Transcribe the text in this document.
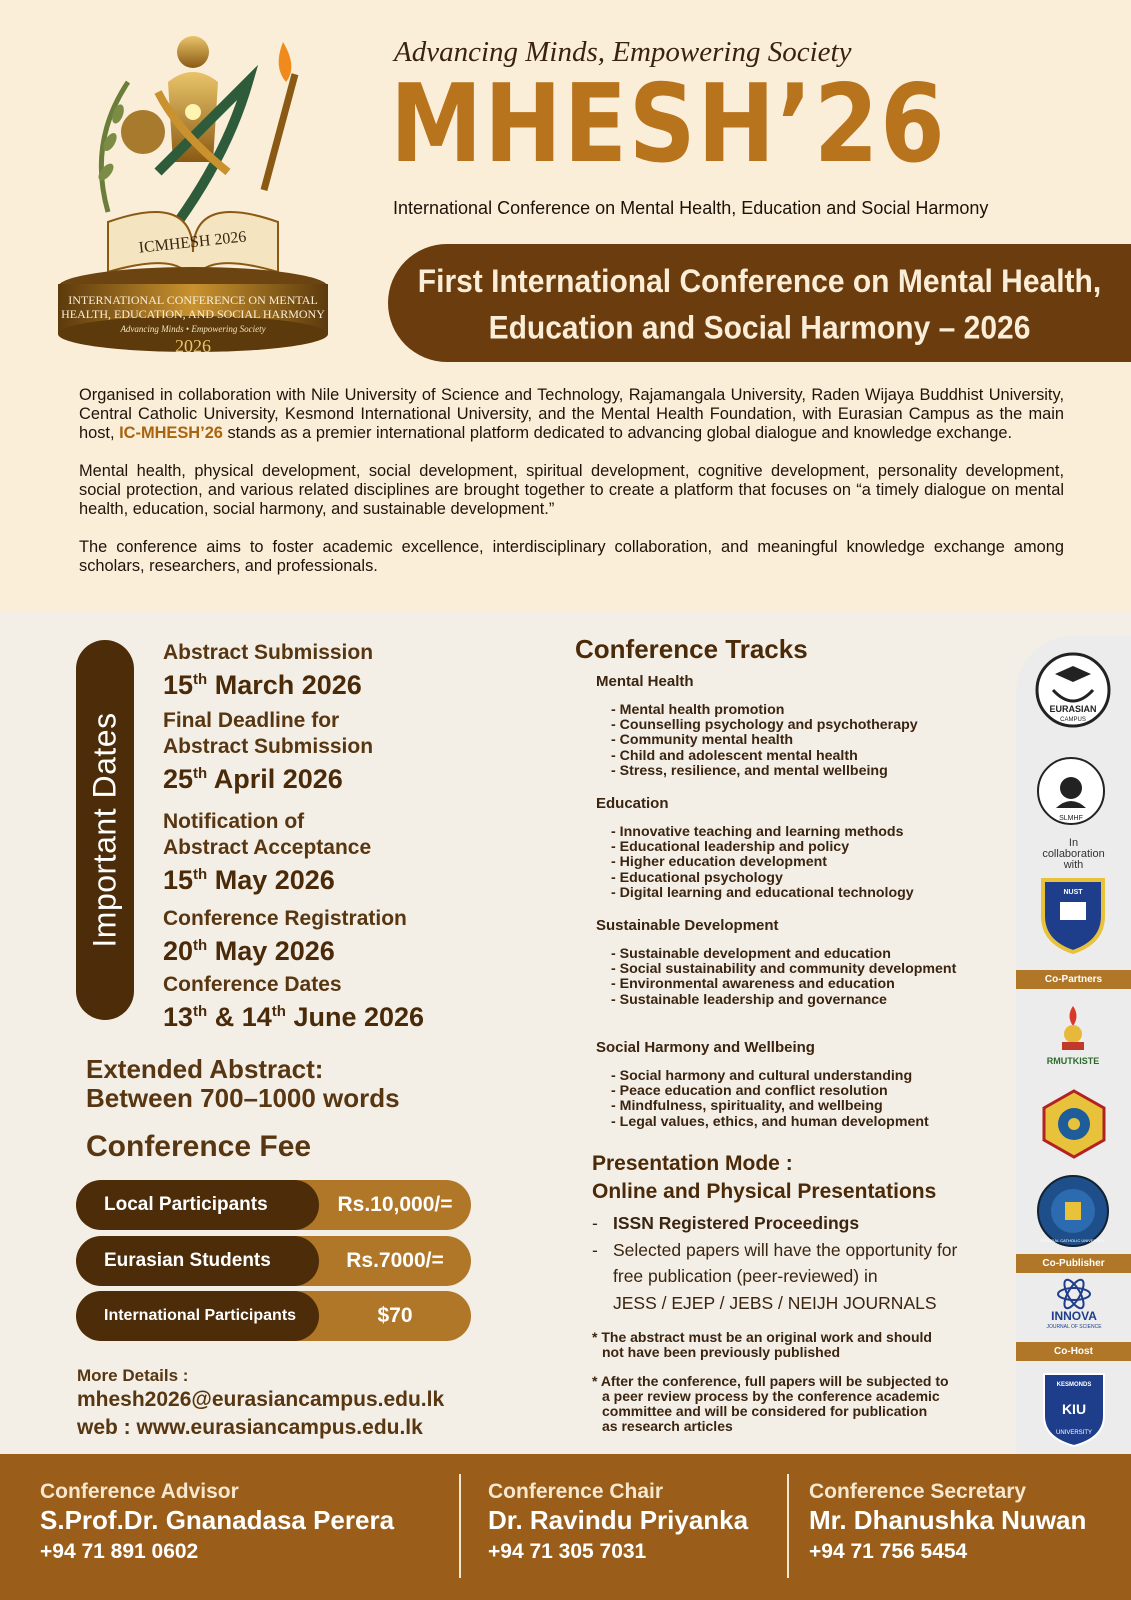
ICMHESH 2026
INTERNATIONAL CONFERENCE ON MENTAL
HEALTH, EDUCATION, AND SOCIAL HARMONY
Advancing Minds • Empowering Society
2026
Advancing Minds, Empowering Society
MHESH’26
International Conference on Mental Health, Education and Social Harmony
First International Conference on Mental Health,
Education and Social Harmony – 2026

Organised in collaboration with Nile University of Science and Technology, Rajamangala University, Raden Wijaya Buddhist University, Central Catholic University, Kesmond International University, and the Mental Health Foundation, with Eurasian Campus as the main host, IC-MHESH’26 stands as a premier international platform dedicated to advancing global dialogue and knowledge exchange.

Mental health, physical development, social development, spiritual development, cognitive development, personality development, social protection, and various related disciplines are brought together to create a platform that focuses on “a timely dialogue on mental health, education, social harmony, and sustainable development.”

The conference aims to foster academic excellence, interdisciplinary collaboration, and meaningful knowledge exchange among scholars, researchers, and professionals.

Important Dates
Abstract Submission
15th March 2026
Final Deadline for
Abstract Submission
25th April 2026
Notification of
Abstract Acceptance
15th May 2026
Conference Registration
20th May 2026
Conference Dates
13th & 14th June 2026
Extended Abstract:
Between 700–1000 words
Conference Fee
Local Participants	Rs.10,000/=
Eurasian Students	Rs.7000/=
International Participants	$70
More Details :
mhesh2026@eurasiancampus.edu.lk
web : www.eurasiancampus.edu.lk
Conference Tracks
Mental Health
- Mental health promotion
- Counselling psychology and psychotherapy
- Community mental health
- Child and adolescent mental health
- Stress, resilience, and mental wellbeing
Education
- Innovative teaching and learning methods
- Educational leadership and policy
- Higher education development
- Educational psychology
- Digital learning and educational technology
Sustainable Development
- Sustainable development and education
- Social sustainability and community development
- Environmental awareness and education
- Sustainable leadership and governance
Social Harmony and Wellbeing
- Social harmony and cultural understanding
- Peace education and conflict resolution
- Mindfulness, spirituality, and wellbeing
- Legal values, ethics, and human development
Presentation Mode :
Online and Physical Presentations
- ISSN Registered Proceedings
- Selected papers will have the opportunity for
free publication (peer-reviewed) in
JESS / EJEP / JEBS / NEIJH JOURNALS
* The abstract must be an original work and should
not have been previously published
* After the conference, full papers will be subjected to
a peer review process by the conference academic
committee and will be considered for publication
as research articles
EURASIAN
CAMPUS
SLMHF
In
collaboration
with
NUST
Co-Partners
RMUTKISTE
CENTRAL CATHOLIC UNIVERSITY
Co-Publisher
INNOVA
JOURNAL OF SCIENCE
Co-Host
KESMONDS
KIU
UNIVERSITY
Conference Advisor
S.Prof.Dr. Gnanadasa Perera
+94 71 891 0602
Conference Chair
Dr. Ravindu Priyanka
+94 71 305 7031
Conference Secretary
Mr. Dhanushka Nuwan
+94 71 756 5454
